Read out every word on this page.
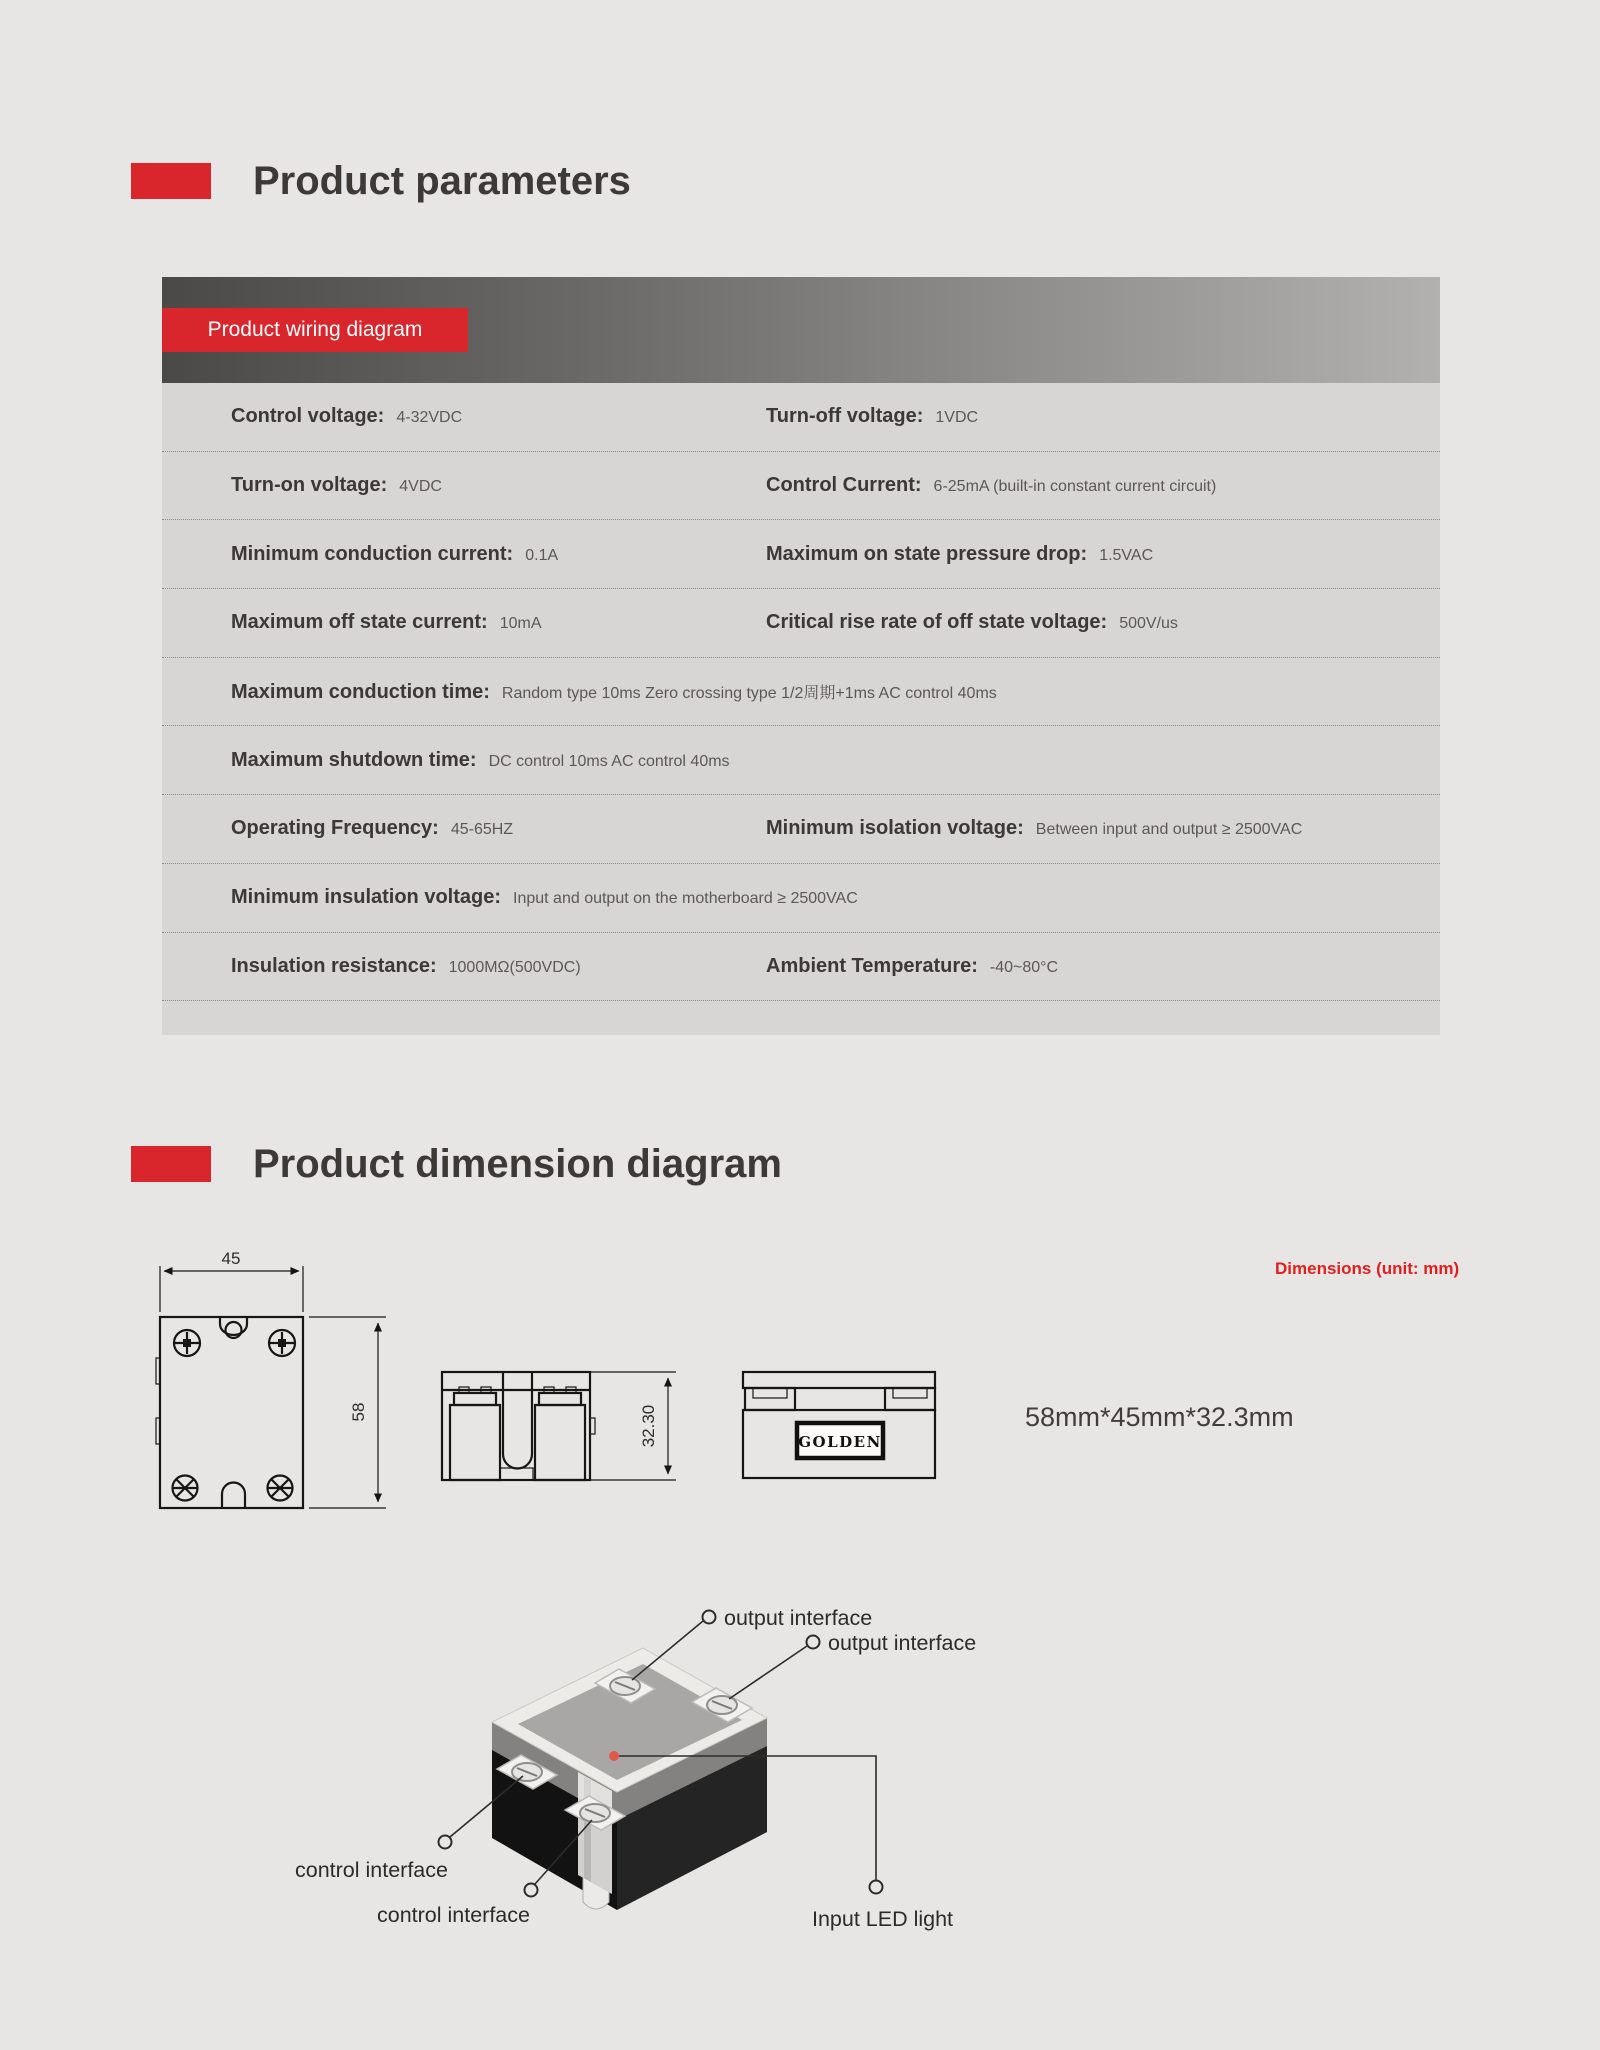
Product parameters
Product wiring diagram
Control voltage: 4-32VDC	Turn-off voltage: 1VDC
Turn-on voltage: 4VDC	Control Current: 6-25mA (built-in constant current circuit)
Minimum conduction current: 0.1A	Maximum on state pressure drop: 1.5VAC
Maximum off state current: 10mA	Critical rise rate of off state voltage: 500V/us
Maximum conduction time: Random type 10ms Zero crossing type 1/2周期+1ms AC control 40ms
Maximum shutdown time: DC control 10ms AC control 40ms
Operating Frequency: 45-65HZ	Minimum isolation voltage: Between input and output ≥ 2500VAC
Minimum insulation voltage: Input and output on the motherboard ≥ 2500VAC
Insulation resistance: 1000MΩ(500VDC)	Ambient Temperature: -40~80°C
Product dimension diagram
Dimensions (unit: mm)
58mm*45mm*32.3mm
45
58	32.30	GOLDEN
output interface
output interface
control interface
control interface	Input LED light
